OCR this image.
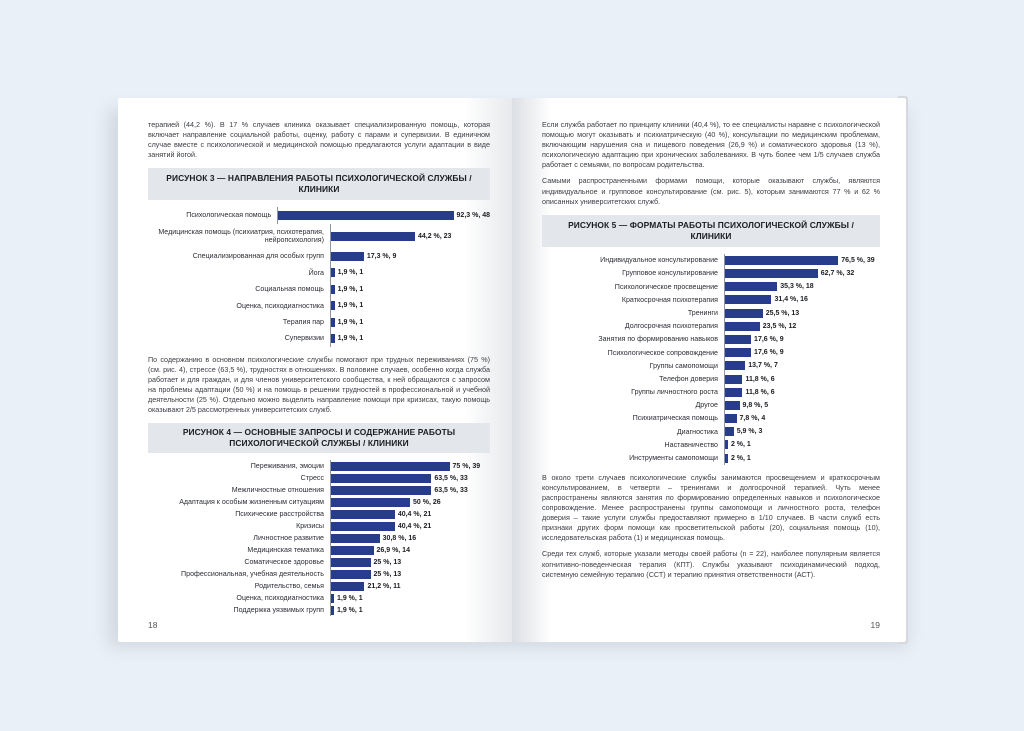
терапией (44,2 %). В 17 % случаев клиника оказывает специализированную помощь, которая включает направление социальной работы, оценку, работу с парами и супервизии. В единичном случае вместе с психологической и медицинской помощью предлагаются услуги адаптации в виде занятий йогой.

РИСУНОК 3 — НАПРАВЛЕНИЯ РАБОТЫ ПСИХОЛОГИЧЕСКОЙ СЛУЖБЫ / КЛИНИКИ
Психологическая помощь	92,3 %, 48
Медицинская помощь (психиатрия, психотерапия, нейропсихология)	44,2 %, 23
Специализированная для особых групп	17,3 %, 9
Йога	1,9 %, 1
Социальная помощь	1,9 %, 1
Оценка, психодиагностика	1,9 %, 1
Терапия пар	1,9 %, 1
Супервизии	1,9 %, 1

По содержанию в основном психологические службы помогают при трудных переживаниях (75 %) (см. рис. 4), стрессе (63,5 %), трудностях в отношениях. В половине случаев, особенно когда служба работает и для граждан, и для членов университетского сообщества, к ней обращаются с запросом на проблемы адаптации (50 %) и на помощь в решении трудностей в профессиональной и учебной деятельности (25 %). Отдельно можно выделить направление помощи при кризисах, такую помощь оказывают 2/5 рассмотренных университетских служб.

РИСУНОК 4 — ОСНОВНЫЕ ЗАПРОСЫ И СОДЕРЖАНИЕ РАБОТЫ
ПСИХОЛОГИЧЕСКОЙ СЛУЖБЫ / КЛИНИКИ
Переживания, эмоции	75 %, 39
Стресс	63,5 %, 33
Межличностные отношения	63,5 %, 33
Адаптация к особым жизненным ситуациям	50 %, 26
Психические расстройства	40,4 %, 21
Кризисы	40,4 %, 21
Личностное развитие	30,8 %, 16
Медицинская тематика	26,9 %, 14
Соматическое здоровье	25 %, 13
Профессиональная, учебная деятельность	25 %, 13
Родительство, семья	21,2 %, 11
Оценка, психодиагностика	1,9 %, 1
Поддержка уязвимых групп	1,9 %, 1
18

Если служба работает по принципу клиники (40,4 %), то ее специалисты наравне с психологической помощью могут оказывать и психиатрическую (40 %), консультации по медицинским проблемам, включающим нарушения сна и пищевого поведения (26,9 %) и соматического здоровья (13 %), психологическую адаптацию при хронических заболеваниях. В чуть более чем 1/5 случаев служба работает с семьями, по вопросам родительства.

Самыми распространенными формами помощи, которые оказывают службы, являются индивидуальное и групповое консультирование (см. рис. 5), которым занимаются 77 % и 62 % описанных университетских служб.

РИСУНОК 5 — ФОРМАТЫ РАБОТЫ ПСИХОЛОГИЧЕСКОЙ СЛУЖБЫ / КЛИНИКИ
Индивидуальное консультирование	76,5 %, 39
Групповое консультирование	62,7 %, 32
Психологическое просвещение	35,3 %, 18
Краткосрочная психотерапия	31,4 %, 16
Тренинги	25,5 %, 13
Долгосрочная психотерапия	23,5 %, 12
Занятия по формированию навыков	17,6 %, 9
Психологическое сопровождение	17,6 %, 9
Группы самопомощи	13,7 %, 7
Телефон доверия	11,8 %, 6
Группы личностного роста	11,8 %, 6
Другое	9,8 %, 5
Психиатрическая помощь	7,8 %, 4
Диагностика	5,9 %, 3
Наставничество	2 %, 1
Инструменты самопомощи	2 %, 1

В около трети случаев психологические службы занимаются просвещением и краткосрочным консультированием, в четверти – тренингами и долгосрочной терапией. Чуть менее распространены являются занятия по формированию определенных навыков и психологическое сопровождение. Менее распространены группы самопомощи и личностного роста, телефон доверия – такие услуги службы предоставляют примерно в 1/10 случаев. В части служб есть признаки других форм помощи как просветительской работы (20), социальная помощь (10), исследовательская работа (1) и медицинская помощь.

Среди тех служб, которые указали методы своей работы (n = 22), наиболее популярным является когнитивно-поведенческая терапия (КПТ). Службы указывают психодинамический подход, системную семейную терапию (ССТ) и терапию принятия ответственности (АСТ).

19
